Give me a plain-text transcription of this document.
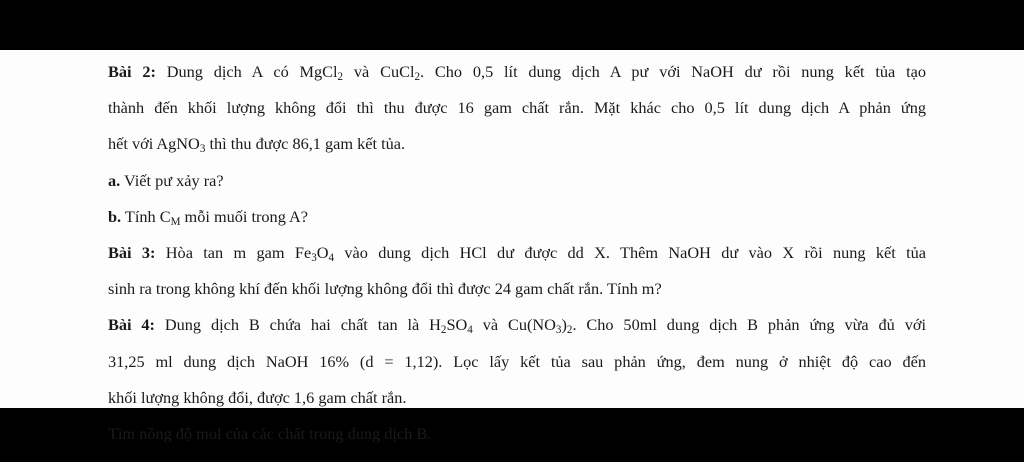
Bài 2: Dung dịch A có MgCl$_2$ và CuCl$_2$. Cho 0,5 lít dung dịch A pư với NaOH dư rồi nung kết tủa tạo
thành đến khối lượng không đổi thì thu được 16 gam chất rắn. Mặt khác cho 0,5 lít dung dịch A phản ứng
hết với AgNO$_3$ thì thu được 86,1 gam kết tủa.
a. Viết pư xảy ra?
b. Tính $C_M$ mỗi muối trong A?
Bài 3: Hòa tan m gam $Fe_3O_4$ vào dung dịch HCl dư được dd X. Thêm NaOH dư vào X rồi nung kết tủa
sinh ra trong không khí đến khối lượng không đổi thì được 24 gam chất rắn. Tính m?
Bài 4: Dung dịch B chứa hai chất tan là $H_2SO_4$ và $Cu(NO_3)_2$. Cho 50ml dung dịch B phản ứng vừa đủ với
31,25 ml dung dịch NaOH 16% (d = 1,12). Lọc lấy kết tủa sau phản ứng, đem nung ở nhiệt độ cao đến
khối lượng không đổi, được 1,6 gam chất rắn.
Tìm nồng độ mol của các chất trong dung dịch B.
